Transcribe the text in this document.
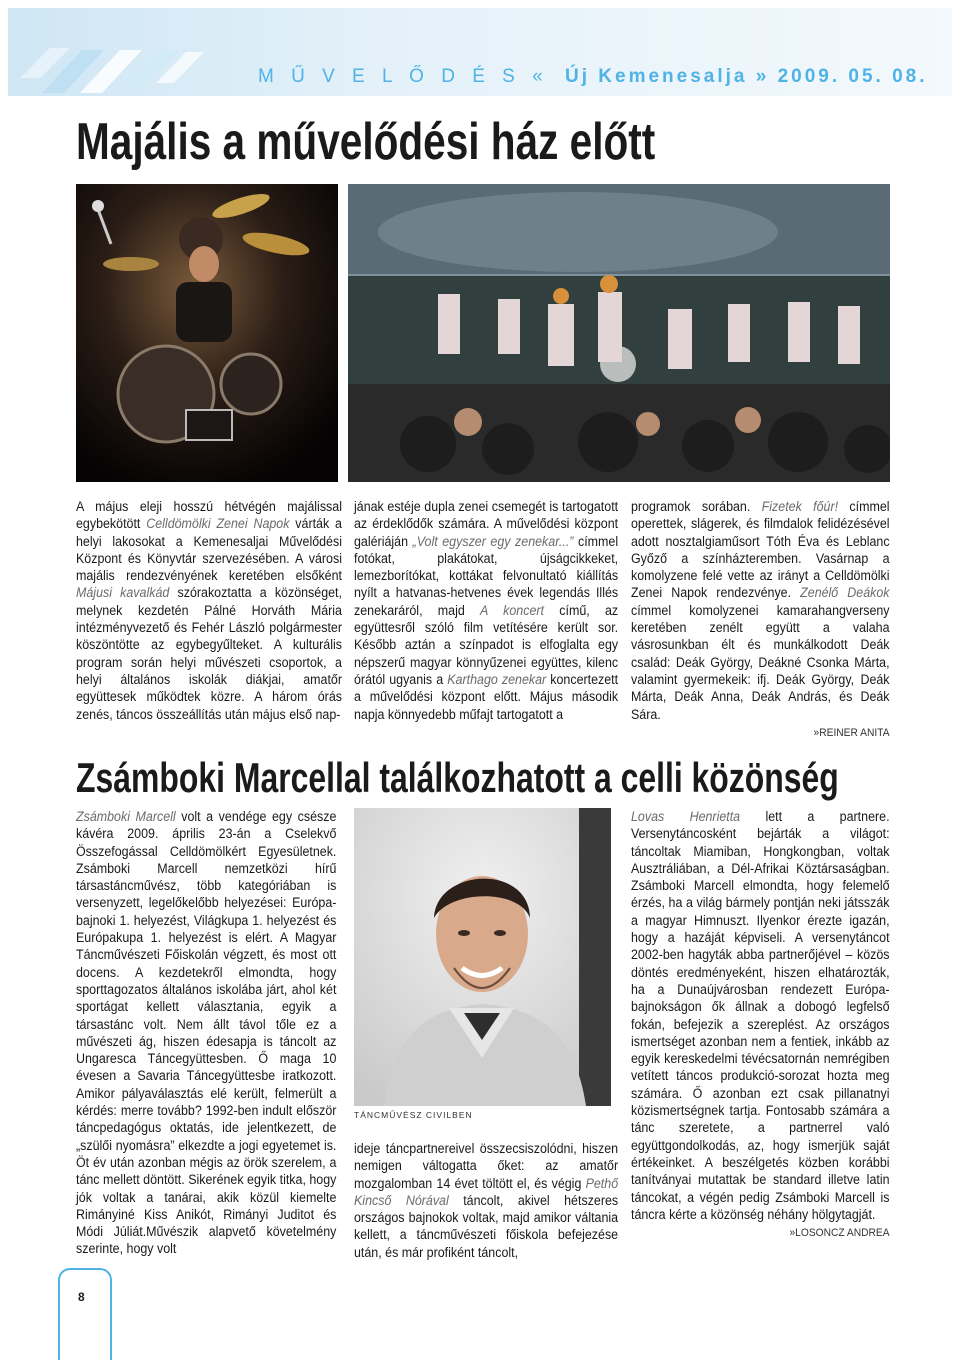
M Ű V E L Ő D É S « Új Kemenesalja » 2009. 05. 08.
Majális a művelődési ház előtt

A május eleji hosszú hétvégén majálissal egybekötött Celldömölki Zenei Napok várták a helyi lakosokat a Kemenesaljai Művelődési Központ és Könyvtár szervezésében. A városi majális rendezvényének keretében elsőként Májusi kavalkád szórakoztatta a közönséget, melynek kezdetén Pálné Horváth Mária intézményvezető és Fehér László polgármester köszöntötte az egybegyűlteket. A kulturális program során helyi művészeti csoportok, a helyi általános iskolák diákjai, amatőr együttesek működtek közre. A három órás zenés, táncos összeállítás után május első nap-

jának estéje dupla zenei csemegét is tartogatott az érdeklődők számára. A művelődési központ galériáján „Volt egyszer egy zenekar...” címmel fotókat, plakátokat, újságcikkeket, lemezborítókat, kottákat felvonultató kiállítás nyílt a hatvanas-hetvenes évek legendás Illés zenekaráról, majd A koncert című, az együttesről szóló film vetítésére került sor. Később aztán a színpadot is elfoglalta egy népszerű magyar könnyűzenei együttes, kilenc órától ugyanis a Karthago zenekar koncertezett a művelődési központ előtt. Május második napja könnyedebb műfajt tartogatott a

programok sorában. Fizetek főúr! címmel operettek, slágerek, és filmdalok felidézésével adott nosztalgiaműsort Tóth Éva és Leblanc Győző a színházteremben. Vasárnap a komolyzene felé vette az irányt a Celldömölki Zenei Napok rendezvénye. Zenélő Deákok címmel komolyzenei kamarahangverseny keretében zenélt együtt a valaha vásrosunkban élt és munkálkodott Deák család: Deák György, Deákné Csonka Márta, valamint gyermekeik: ifj. Deák György, Deák Márta, Deák Anna, Deák András, és Deák Sára.

»REINER ANITA
Zsámboki Marcellal találkozhatott a celli közönség

Zsámboki Marcell volt a vendége egy csésze kávéra 2009. április 23-án a Cselekvő Összefogással Celldömölkért Egyesületnek. Zsámboki Marcell nemzetközi hírű társastáncművész, több kategóriában is versenyzett, legelőkelőbb helyezései: Európa-bajnoki 1. helyezést, Világkupa 1. helyezést és Európakupa 1. helyezést is elért. A Magyar Táncművészeti Főiskolán végzett, és most ott docens. A kezdetekről elmondta, hogy sporttagozatos általános iskolába járt, ahol két sportágat kellett választania, egyik a társastánc volt. Nem állt távol tőle ez a művészeti ág, hiszen édesapja is táncolt az Ungaresca Táncegyüttesben. Ő maga 10 évesen a Savaria Táncegyüttesbe iratkozott. Amikor pályaválasztás elé került, felmerült a kérdés: merre tovább? 1992-ben indult először táncpedagógus oktatás, ide jelentkezett, de „szülői nyomásra” elkezdte a jogi egyetemet is. Öt év után azonban mégis az örök szerelem, a tánc mellett döntött. Sikerének egyik titka, hogy jók voltak a tanárai, akik közül kiemelte Rimányiné Kiss Anikót, Rimányi Juditot és Módi Júliát.Művészik alapvető követelmény szerinte, hogy volt

TÁNCMŰVÉSZ CIVILBEN

ideje táncpartnereivel összecsiszolódni, hiszen nemigen váltogatta őket: az amatőr mozgalomban 14 évet töltött el, és végig Pethő Kincső Nórával táncolt, akivel hétszeres országos bajnokok voltak, majd amikor váltania kellett, a táncművészeti főiskola befejezése után, és már profiként táncolt,

Lovas Henrietta lett a partnere. Versenytáncosként bejárták a világot: táncoltak Miamiban, Hongkongban, voltak Ausztráliában, a Dél-Afrikai Köztársaságban. Zsámboki Marcell elmondta, hogy felemelő érzés, ha a világ bármely pontján neki játsszák a magyar Himnuszt. Ilyenkor érezte igazán, hogy a hazáját képviseli. A versenytáncot 2002-ben hagyták abba partnerőjével – közös döntés eredményeként, hiszen elhatározták, ha a Dunaújvárosban rendezett Európa-bajnokságon ők állnak a dobogó legfelső fokán, befejezik a szereplést. Az országos ismertséget azonban nem a fentiek, inkább az egyik kereskedelmi tévécsatornán nemrégiben vetített táncos produkció-sorozat hozta meg számára. Ő azonban ezt csak pillanatnyi közismertségnek tartja. Fontosabb számára a tánc szeretete, a partnerrel való együttgondolkodás, az, hogy ismerjük saját értékeinket. A beszélgetés közben korábbi tanítványai mutattak be standard illetve latin táncokat, a végén pedig Zsámboki Marcell is táncra kérte a közönség néhány hölgytagját.

»LOSONCZ ANDREA
8
